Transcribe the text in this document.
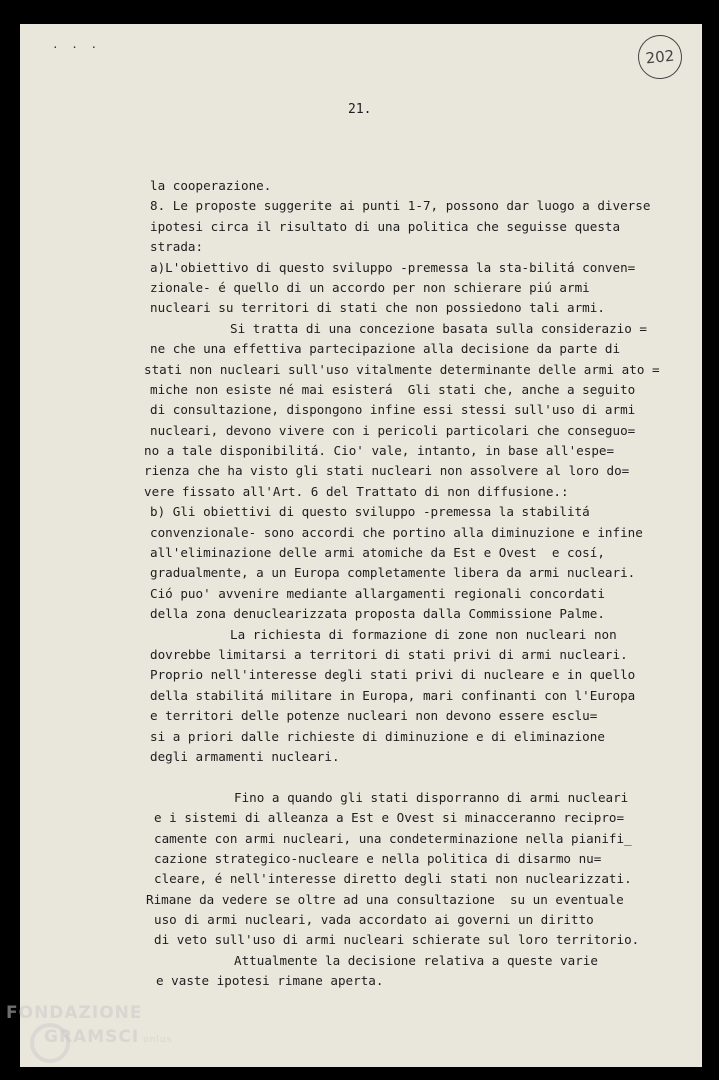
. . .
202
21.
la cooperazione.
8. Le proposte suggerite ai punti 1-7, possono dar luogo a diverse
ipotesi circa il risultato di una politica che seguisse questa
strada:
a)L'obiettivo di questo sviluppo -premessa la sta-bilitá conven=
zionale- é quello di un accordo per non schierare piú armi
nucleari su territori di stati che non possiedono tali armi.
Si tratta di una concezione basata sulla considerazio =
ne che una effettiva partecipazione alla decisione da parte di
stati non nucleari sull'uso vitalmente determinante delle armi ato =
miche non esiste né mai esisterá  Gli stati che, anche a seguito
di consultazione, dispongono infine essi stessi sull'uso di armi
nucleari, devono vivere con i pericoli particolari che conseguo=
no a tale disponibilitá. Cio' vale, intanto, in base all'espe=
rienza che ha visto gli stati nucleari non assolvere al loro do=
vere fissato all'Art. 6 del Trattato di non diffusione.:
b) Gli obiettivi di questo sviluppo -premessa la stabilitá
convenzionale- sono accordi che portino alla diminuzione e infine
all'eliminazione delle armi atomiche da Est e Ovest  e cosí,
gradualmente, a un Europa completamente libera da armi nucleari.
Ció puo' avvenire mediante allargamenti regionali concordati
della zona denuclearizzata proposta dalla Commissione Palme.
La richiesta di formazione di zone non nucleari non
dovrebbe limitarsi a territori di stati privi di armi nucleari.
Proprio nell'interesse degli stati privi di nucleare e in quello
della stabilitá militare in Europa, mari confinanti con l'Europa
e territori delle potenze nucleari non devono essere esclu=
si a priori dalle richieste di diminuzione e di eliminazione
degli armamenti nucleari.
Fino a quando gli stati disporranno di armi nucleari
e i sistemi di alleanza a Est e Ovest si minacceranno recipro=
camente con armi nucleari, una condeterminazione nella pianifi_
cazione strategico-nucleare e nella politica di disarmo nu=
cleare, é nell'interesse diretto degli stati non nuclearizzati.
Rimane da vedere se oltre ad una consultazione  su un eventuale
uso di armi nucleari, vada accordato ai governi un diritto
di veto sull'uso di armi nucleari schierate sul loro territorio.
Attualmente la decisione relativa a queste varie
e vaste ipotesi rimane aperta.
FONDAZIONE
GRAMSCI onlus
